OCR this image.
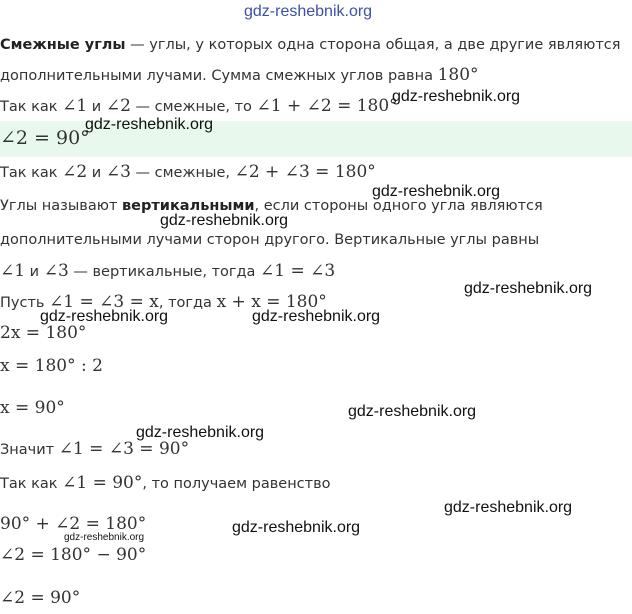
gdz-reshebnik.org
Смежные углы — углы, у которых одна сторона общая, а две другие являются
дополнительными лучами. Сумма смежных углов равна 180°
Так как ∠1 и ∠2 — смежные, то ∠1 + ∠2 = 180°
∠2 = 90°
Так как ∠2 и ∠3 — смежные, ∠2 + ∠3 = 180°
Углы называют вертикальными, если стороны одного угла являются
дополнительными лучами сторон другого. Вертикальные углы равны
∠1 и ∠3 — вертикальные, тогда ∠1 = ∠3
Пусть ∠1 = ∠3 = x, тогда x + x = 180°
2x = 180°
x = 180° : 2
x = 90°
Значит ∠1 = ∠3 = 90°
Так как ∠1 = 90°, то получаем равенство
90° + ∠2 = 180°
∠2 = 180° − 90°
∠2 = 90°
gdz-reshebnik.org
gdz-reshebnik.org
gdz-reshebnik.org
gdz-reshebnik.org
gdz-reshebnik.org
gdz-reshebnik.org	gdz-reshebnik.org
gdz-reshebnik.org
gdz-reshebnik.org
gdz-reshebnik.org
gdz-reshebnik.org
gdz-reshebnik.org
